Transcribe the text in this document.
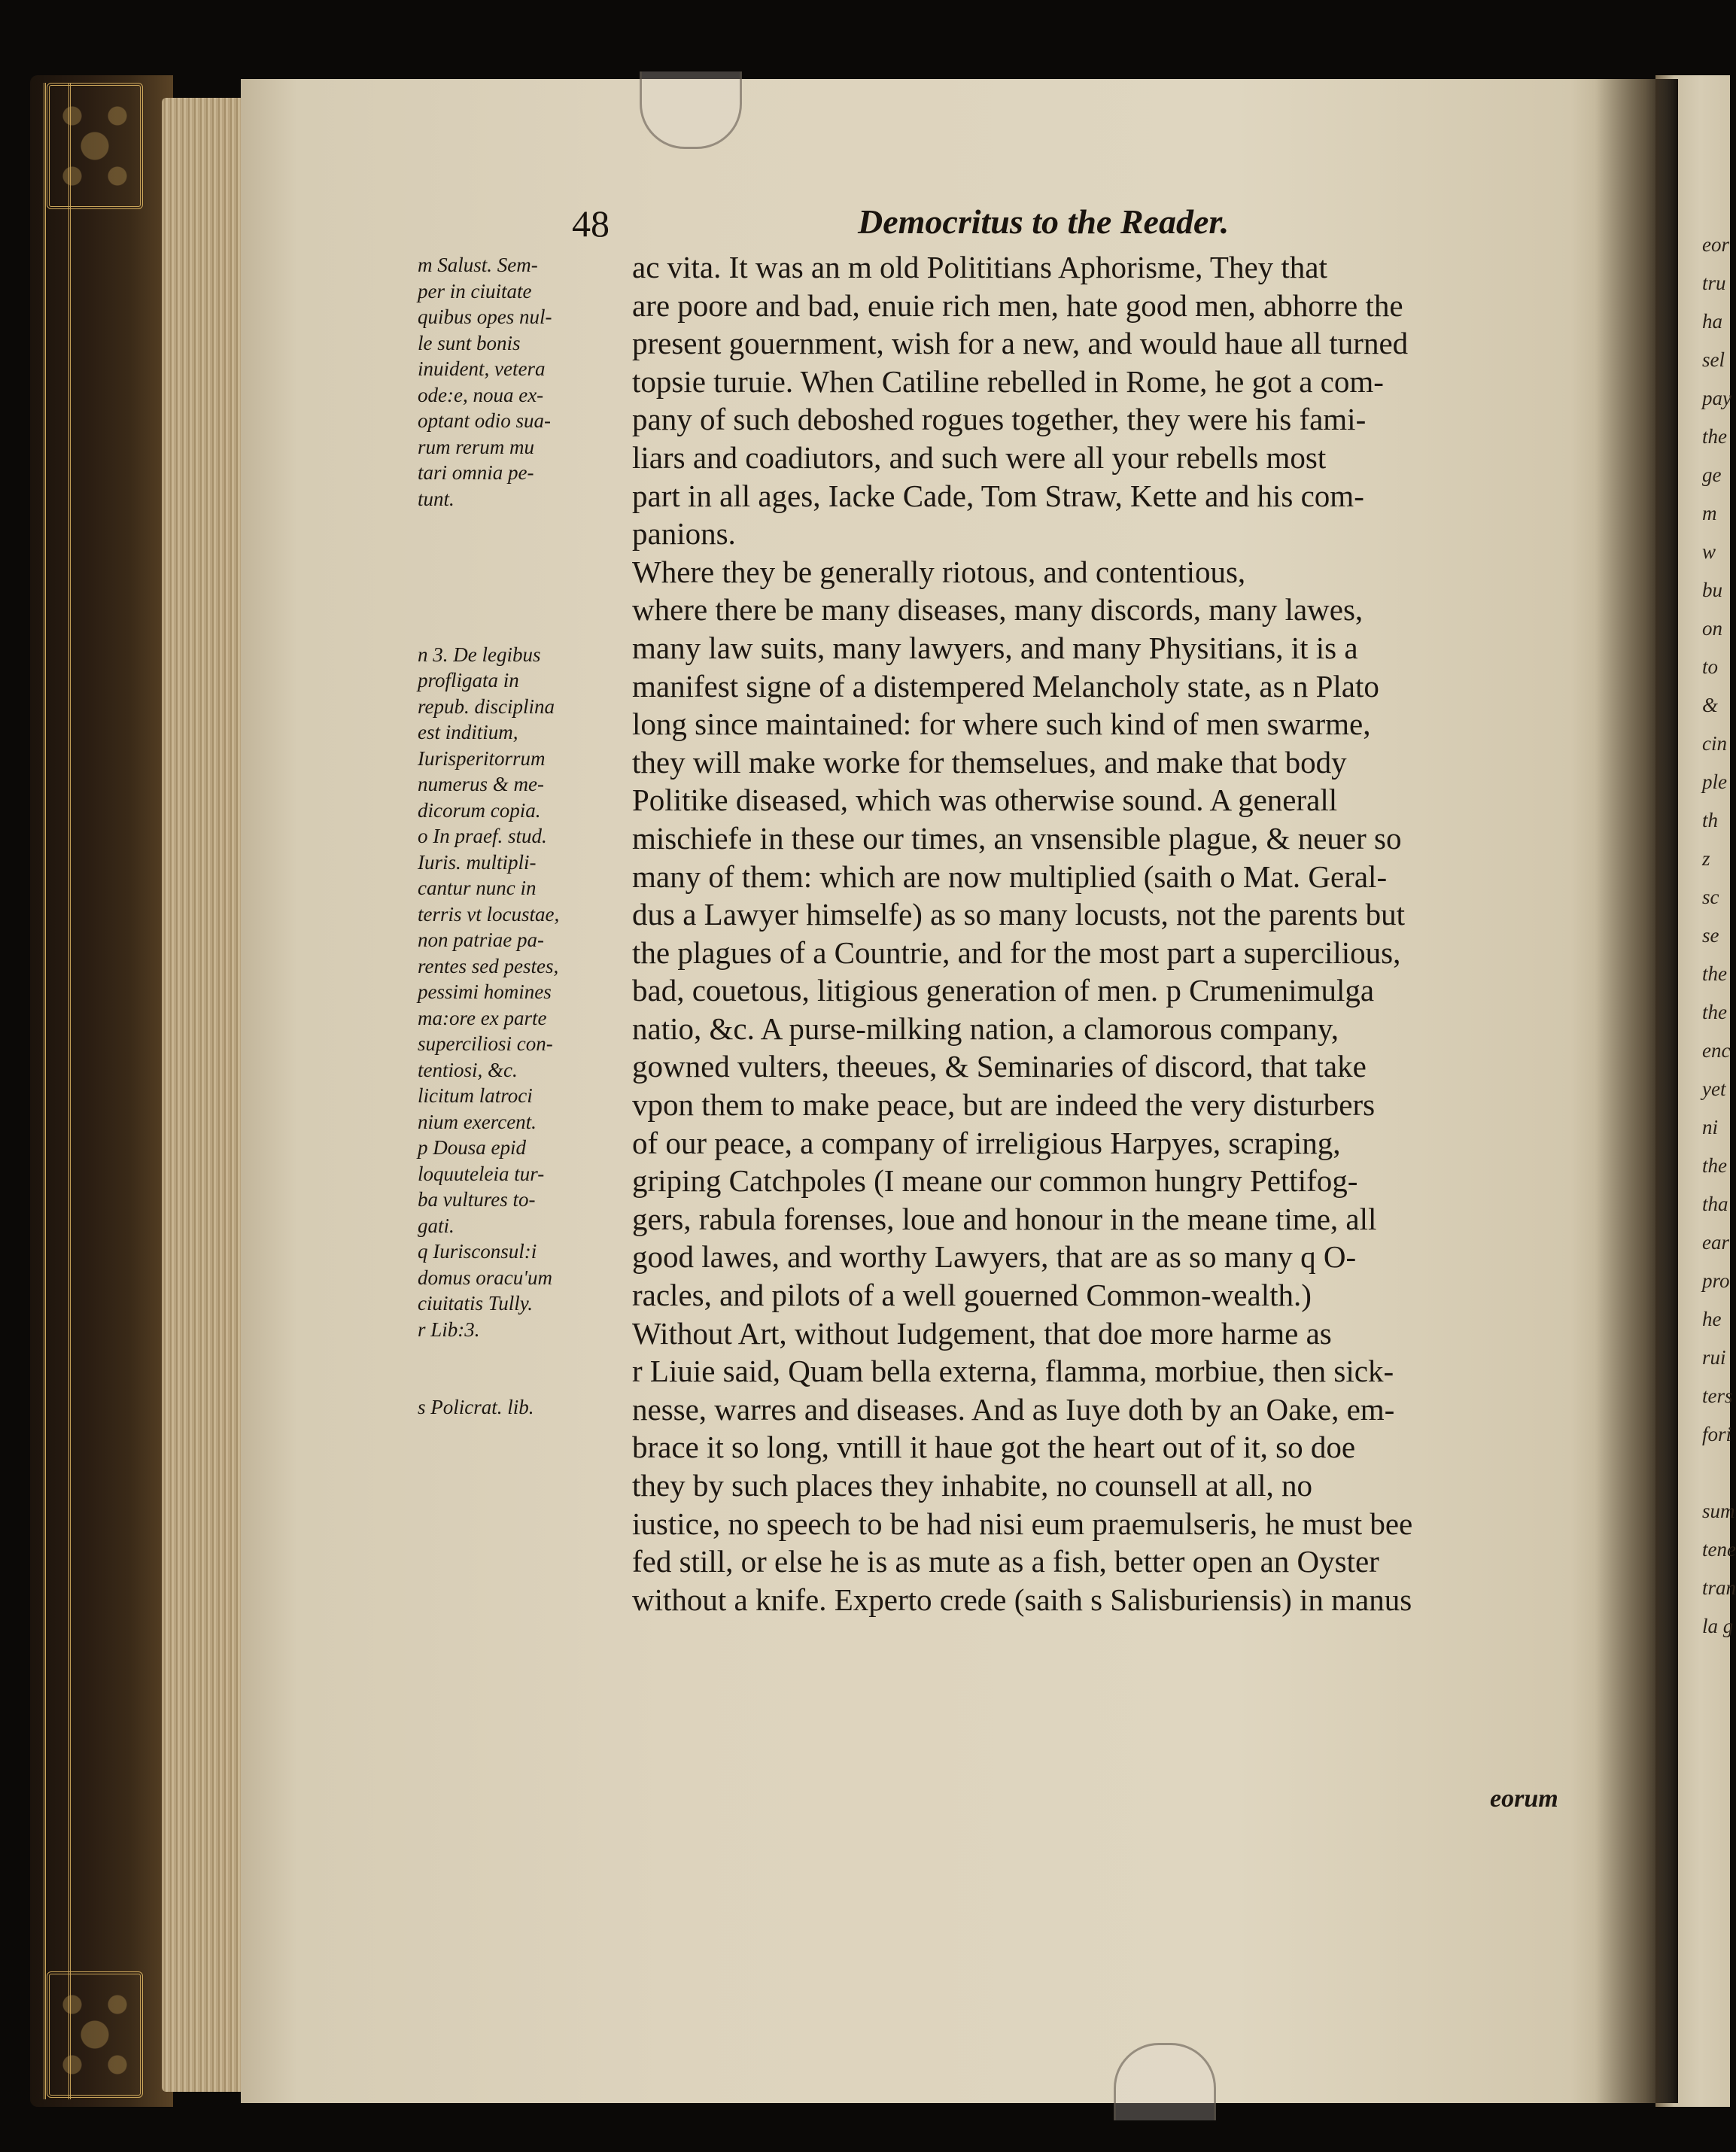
48	Democritus to the Reader.

m Salust. Sem-

per in ciuitate

quibus opes nul-

le sunt bonis

inuident, vetera

ode:e, noua ex-

optant odio sua-

rum rerum mu

tari omnia pe-

tunt.

n 3. De legibus

profligata in

repub. disciplina

est inditium,

Iurisperitorrum

numerus & me-

dicorum copia.

o In praef. stud.

Iuris. multipli-

cantur nunc in

terris vt locustae,

non patriae pa-

rentes sed pestes,

pessimi homines

ma:ore ex parte

superciliosi con-

tentiosi, &c.

licitum latroci

nium exercent.

p Dousa epid

loquuteleia tur-

ba vultures to-

gati.

q Iurisconsul:i

domus oracu'um

ciuitatis Tully.

r Lib:3.

s Policrat. lib.

ac vita. It was an m old Polititians Aphorisme, They that

are poore and bad, enuie rich men, hate good men, abhorre the

present gouernment, wish for a new, and would haue all turned

topsie turuie. When Catiline rebelled in Rome, he got a com-

pany of such deboshed rogues together, they were his fami-

liars and coadiutors, and such were all your rebells most

part in all ages, Iacke Cade, Tom Straw, Kette and his com-

panions.

Where they be generally riotous, and contentious,

where there be many diseases, many discords, many lawes,

many law suits, many lawyers, and many Physitians, it is a

manifest signe of a distempered Melancholy state, as n Plato

long since maintained: for where such kind of men swarme,

they will make worke for themselues, and make that body

Politike diseased, which was otherwise sound. A generall

mischiefe in these our times, an vnsensible plague, & neuer so

many of them: which are now multiplied (saith o Mat. Geral-

dus a Lawyer himselfe) as so many locusts, not the parents but

the plagues of a Countrie, and for the most part a supercilious,

bad, couetous, litigious generation of men. p Crumenimulga

natio, &c. A purse-milking nation, a clamorous company,

gowned vulters, theeues, & Seminaries of discord, that take

vpon them to make peace, but are indeed the very disturbers

of our peace, a company of irreligious Harpyes, scraping,

griping Catchpoles (I meane our common hungry Pettifog-

gers, rabula forenses, loue and honour in the meane time, all

good lawes, and worthy Lawyers, that are as so many q O-

racles, and pilots of a well gouerned Common-wealth.)

Without Art, without Iudgement, that doe more harme as

r Liuie said, Quam bella externa, flamma, morbiue, then sick-

nesse, warres and diseases. And as Iuye doth by an Oake, em-

brace it so long, vntill it haue got the heart out of it, so doe

they by such places they inhabite, no counsell at all, no

iustice, no speech to be had nisi eum praemulseris, he must bee

fed still, or else he is as mute as a fish, better open an Oyster

without a knife. Experto crede (saith s Salisburiensis) in manus

eorum

eor

tru

ha

sel

pay

the

ge

m

w

bu

on

to

&

cin

ple

th

z

sc

se

the

the

enc

yet

ni

the

tha

ear

pro

he

rui

ters

fori

sum

tene

tran

la g
